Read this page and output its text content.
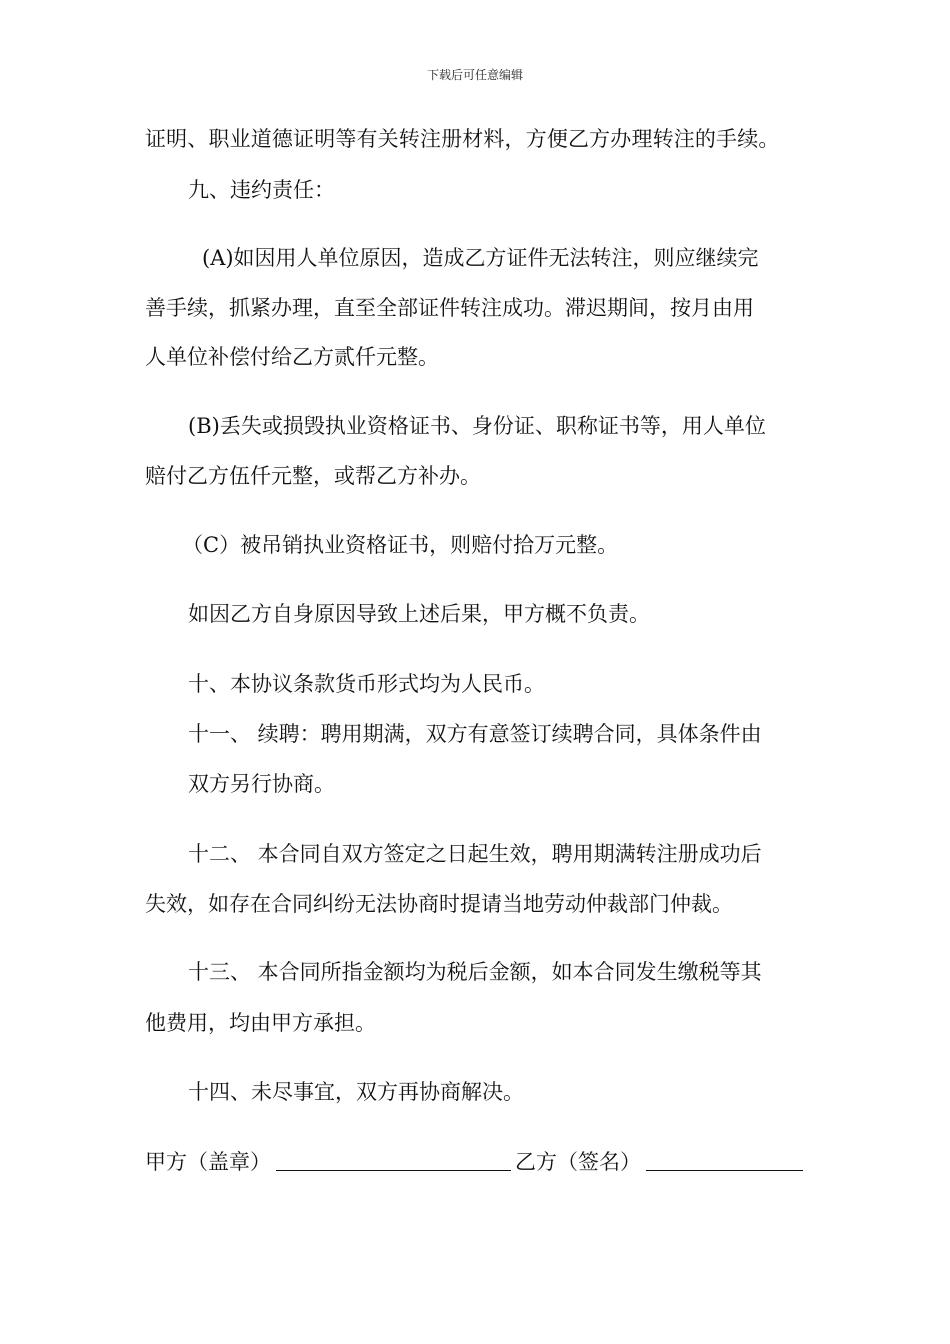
下载后可任意编辑
证明、职业道德证明等有关转注册材料，方便乙方办理转注的手续。
九、违约责任：
(A)如因用人单位原因，造成乙方证件无法转注，则应继续完
善手续，抓紧办理，直至全部证件转注成功。滞迟期间，按月由用
人单位补偿付给乙方贰仟元整。
(B)丢失或损毁执业资格证书、身份证、职称证书等，用人单位
赔付乙方伍仟元整，或帮乙方补办。
（C）被吊销执业资格证书，则赔付拾万元整。
如因乙方自身原因导致上述后果，甲方概不负责。
十、本协议条款货币形式均为人民币。
十一、 续聘：聘用期满，双方有意签订续聘合同，具体条件由
双方另行协商。
十二、 本合同自双方签定之日起生效，聘用期满转注册成功后
失效，如存在合同纠纷无法协商时提请当地劳动仲裁部门仲裁。
十三、 本合同所指金额均为税后金额，如本合同发生缴税等其
他费用，均由甲方承担。
十四、未尽事宜，双方再协商解决。
甲方（盖章）	乙方（签名）
